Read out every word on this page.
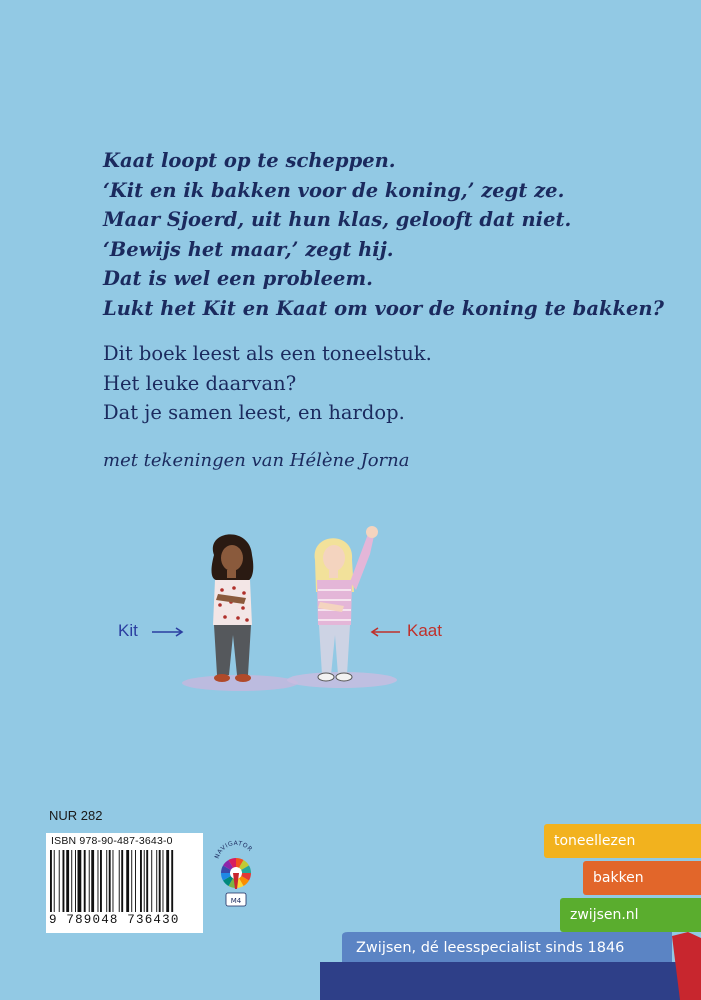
Kaat loopt op te scheppen.
‘Kit en ik bakken voor de koning,’ zegt ze.
Maar Sjoerd, uit hun klas, gelooft dat niet.
‘Bewijs het maar,’ zegt hij.
Dat is wel een probleem.
Lukt het Kit en Kaat om voor de koning te bakken?
Dit boek leest als een toneelstuk.
Het leuke daarvan?
Dat je samen leest, en hardop.
met tekeningen van Hélène Jorna
Kit	Kaat
NUR 282
ISBN 978-90-487-3643-0
9 789048 736430
NAVIGATOR
M4
toneellezen
bakken
zwijsen.nl
Zwijsen, dé leesspecialist sinds 1846
